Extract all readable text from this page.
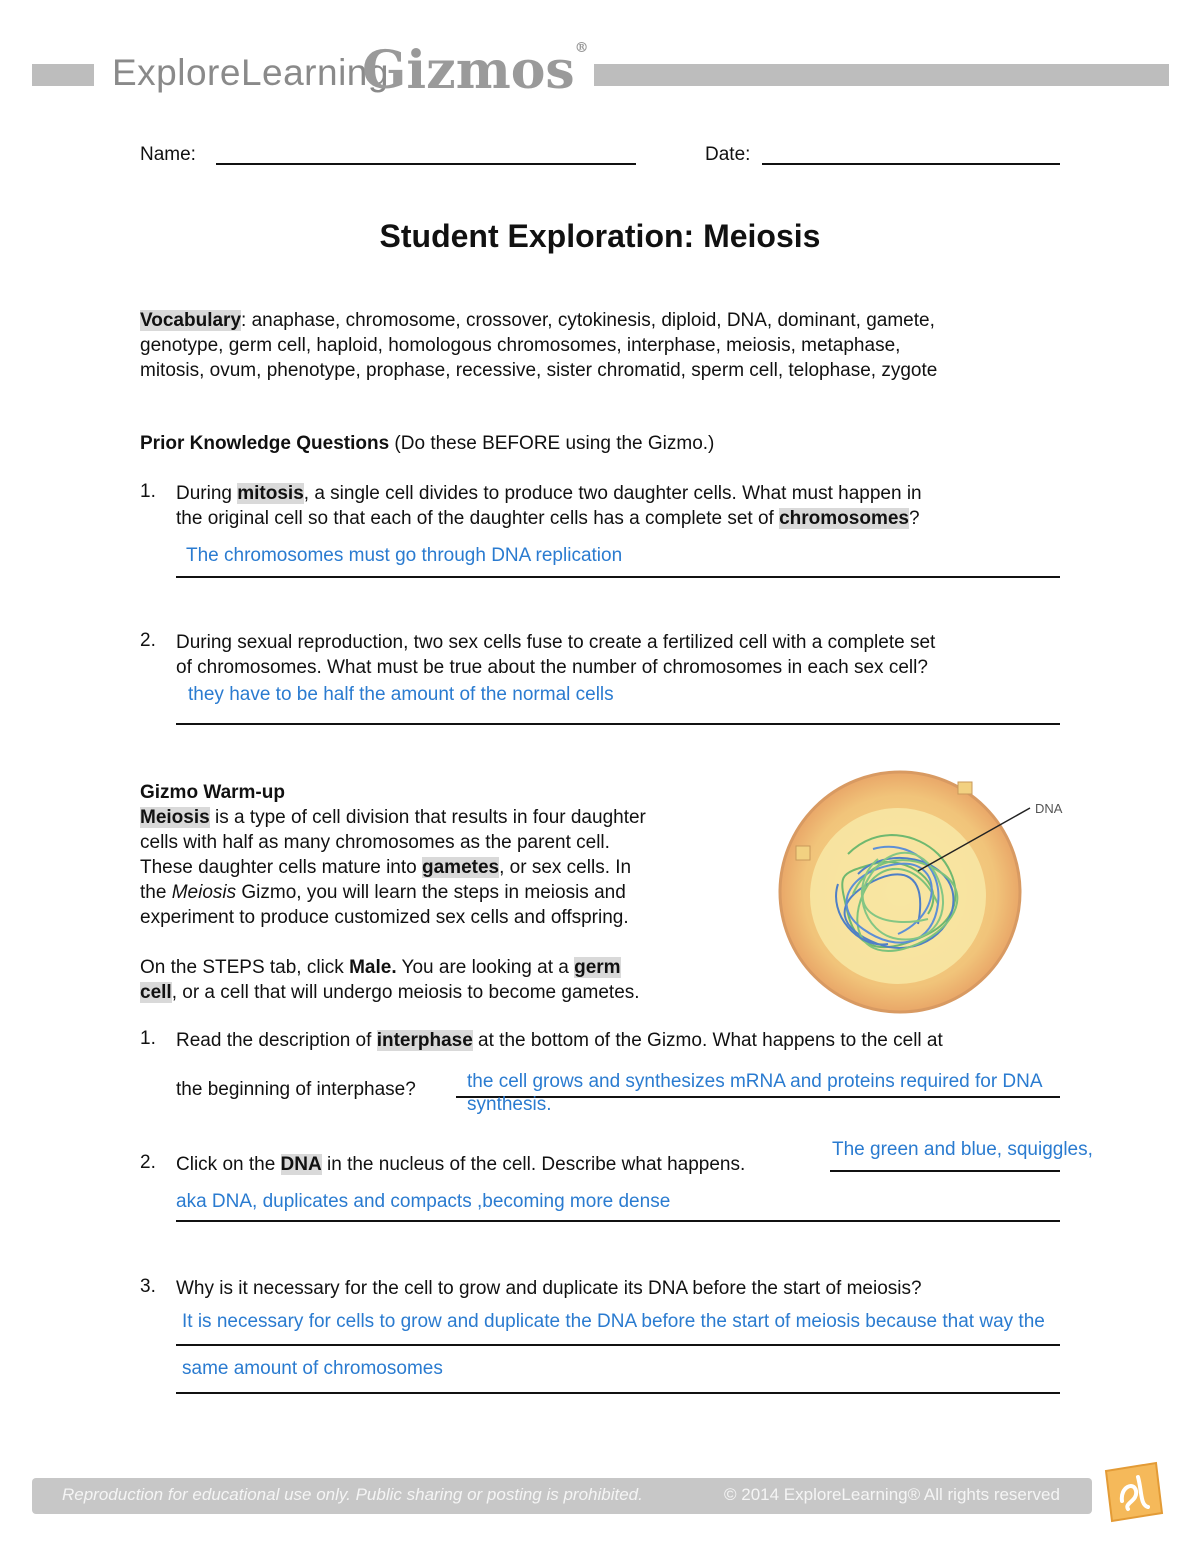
ExploreLearning
Gizmos®
Name:	Date:
Student Exploration: Meiosis
Vocabulary: anaphase, chromosome, crossover, cytokinesis, diploid, DNA, dominant, gamete,
genotype, germ cell, haploid, homologous chromosomes, interphase, meiosis, metaphase,
mitosis, ovum, phenotype, prophase, recessive, sister chromatid, sperm cell, telophase, zygote
Prior Knowledge Questions (Do these BEFORE using the Gizmo.)
1. During mitosis, a single cell divides to produce two daughter cells. What must happen in
the original cell so that each of the daughter cells has a complete set of chromosomes?
The chromosomes must go through DNA replication
2. During sexual reproduction, two sex cells fuse to create a fertilized cell with a complete set
of chromosomes. What must be true about the number of chromosomes in each sex cell?
they have to be half the amount of the normal cells
Gizmo Warm-up
Meiosis is a type of cell division that results in four daughter
cells with half as many chromosomes as the parent cell.
These daughter cells mature into gametes, or sex cells. In
the Meiosis Gizmo, you will learn the steps in meiosis and
experiment to produce customized sex cells and offspring.
On the STEPS tab, click Male. You are looking at a germ
cell, or a cell that will undergo meiosis to become gametes.
DNA
1. Read the description of interphase at the bottom of the Gizmo. What happens to the cell at
the beginning of interphase?	the cell grows and synthesizes mRNA and proteins required for DNA
synthesis.
2. Click on the DNA in the nucleus of the cell. Describe what happens.
The green and blue, squiggles,
aka DNA, duplicates and compacts ,becoming more dense
3. Why is it necessary for the cell to grow and duplicate its DNA before the start of meiosis?
It is necessary for cells to grow and duplicate the DNA before the start of meiosis because that way the
same amount of chromosomes
Reproduction for educational use only. Public sharing or posting is prohibited.	© 2014 ExploreLearning® All rights reserved
